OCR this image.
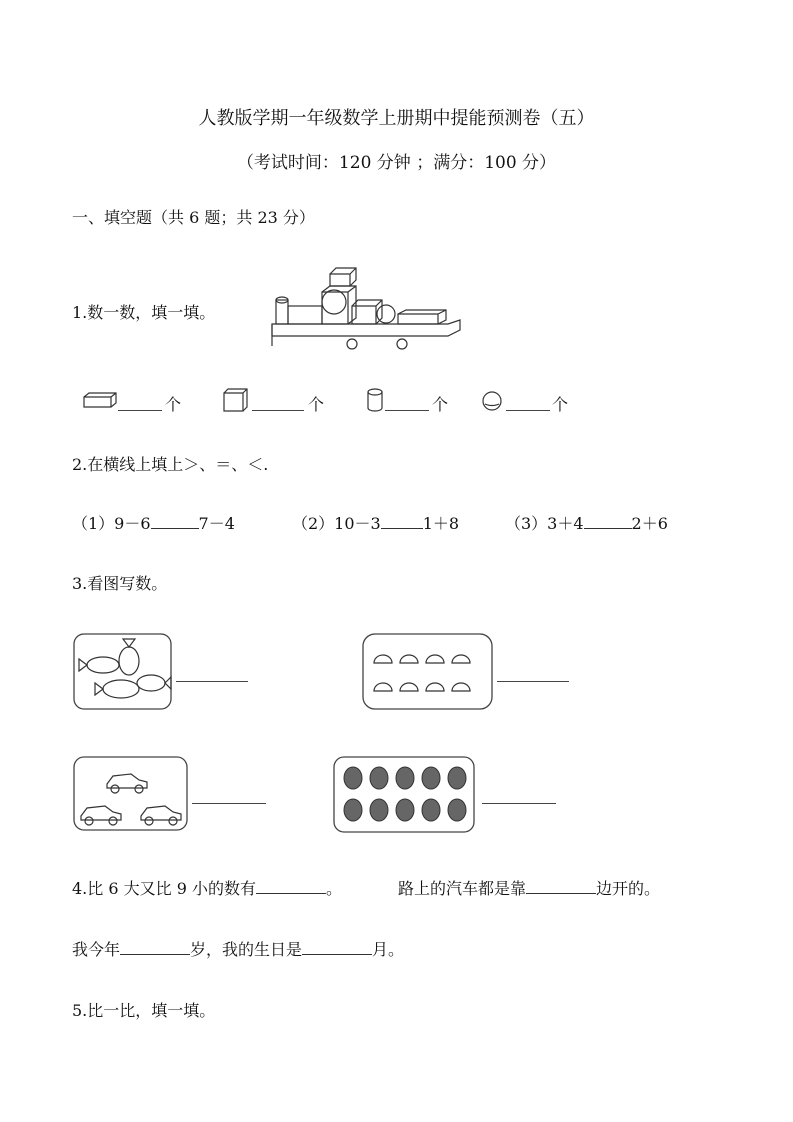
人教版学期一年级数学上册期中提能预测卷（五）
（考试时间：120 分钟 ；满分：100 分）
一、填空题（共 6 题；共 23 分）
1.数一数，填一填。
个	个	个	个
2.在横线上填上＞、＝、＜.
（1）9－6	7－4	（2）10－3	1＋8	（3）3＋4	2＋6
3.看图写数。
4.比 6 大又比 9 小的数有	。	路上的汽车都是靠	边开的。
我今年	岁，我的生日是	月。
5.比一比，填一填。
